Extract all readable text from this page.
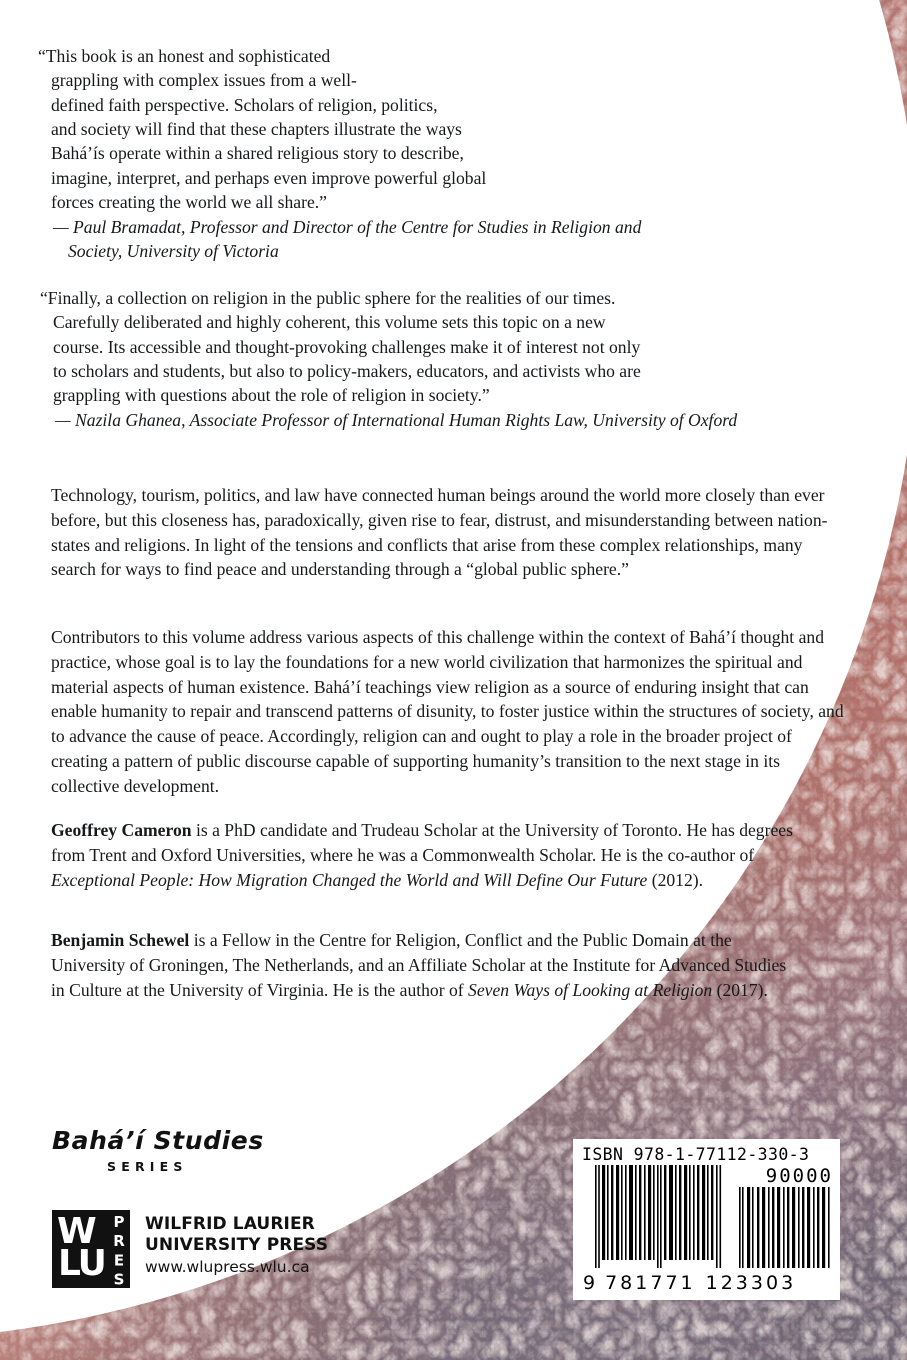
“This book is an honest and sophisticated

grappling with complex issues from a well-

defined faith perspective. Scholars of religion, politics,

and society will find that these chapters illustrate the ways

Bahá’ís operate within a shared religious story to describe,

imagine, interpret, and perhaps even improve powerful global

forces creating the world we all share.”

— Paul Bramadat, Professor and Director of the Centre for Studies in Religion and Society, University of Victoria

“Finally, a collection on religion in the public sphere for the realities of our times.

Carefully deliberated and highly coherent, this volume sets this topic on a new

course. Its accessible and thought-provoking challenges make it of interest not only

to scholars and students, but also to policy-makers, educators, and activists who are

grappling with questions about the role of religion in society.”

— Nazila Ghanea, Associate Professor of International Human Rights Law, University of Oxford

Technology, tourism, politics, and law have connected human beings around the world more closely than ever before, but this closeness has, paradoxically, given rise to fear, distrust, and misunderstanding between nation-states and religions. In light of the tensions and conflicts that arise from these complex relationships, many search for ways to find peace and understanding through a “global public sphere.”
Contributors to this volume address various aspects of this challenge within the context of Bahá’í thought and practice, whose goal is to lay the foundations for a new world civilization that harmonizes the spiritual and material aspects of human existence. Bahá’í teachings view religion as a source of enduring insight that can enable humanity to repair and transcend patterns of disunity, to foster justice within the structures of society, and to advance the cause of peace. Accordingly, religion can and ought to play a role in the broader project of creating a pattern of public discourse capable of supporting humanity’s transition to the next stage in its collective development.
Geoffrey Cameron is a PhD candidate and Trudeau Scholar at the University of Toronto. He has degrees from Trent and Oxford Universities, where he was a Commonwealth Scholar. He is the co-author of Exceptional People: How Migration Changed the World and Will Define Our Future (2012).
Benjamin Schewel is a Fellow in the Centre for Religion, Conflict and the Public Domain at the University of Groningen, The Netherlands, and an Affiliate Scholar at the Institute for Advanced Studies in Culture at the University of Virginia. He is the author of Seven Ways of Looking at Religion (2017).
Bahá’í Studies
SERIES
W
LU PRESS WILFRID LAURIER
UNIVERSITY PRESS
www.wlupress.wlu.ca
ISBN 978-1-77112-330-3
90000
9 781771 123303
